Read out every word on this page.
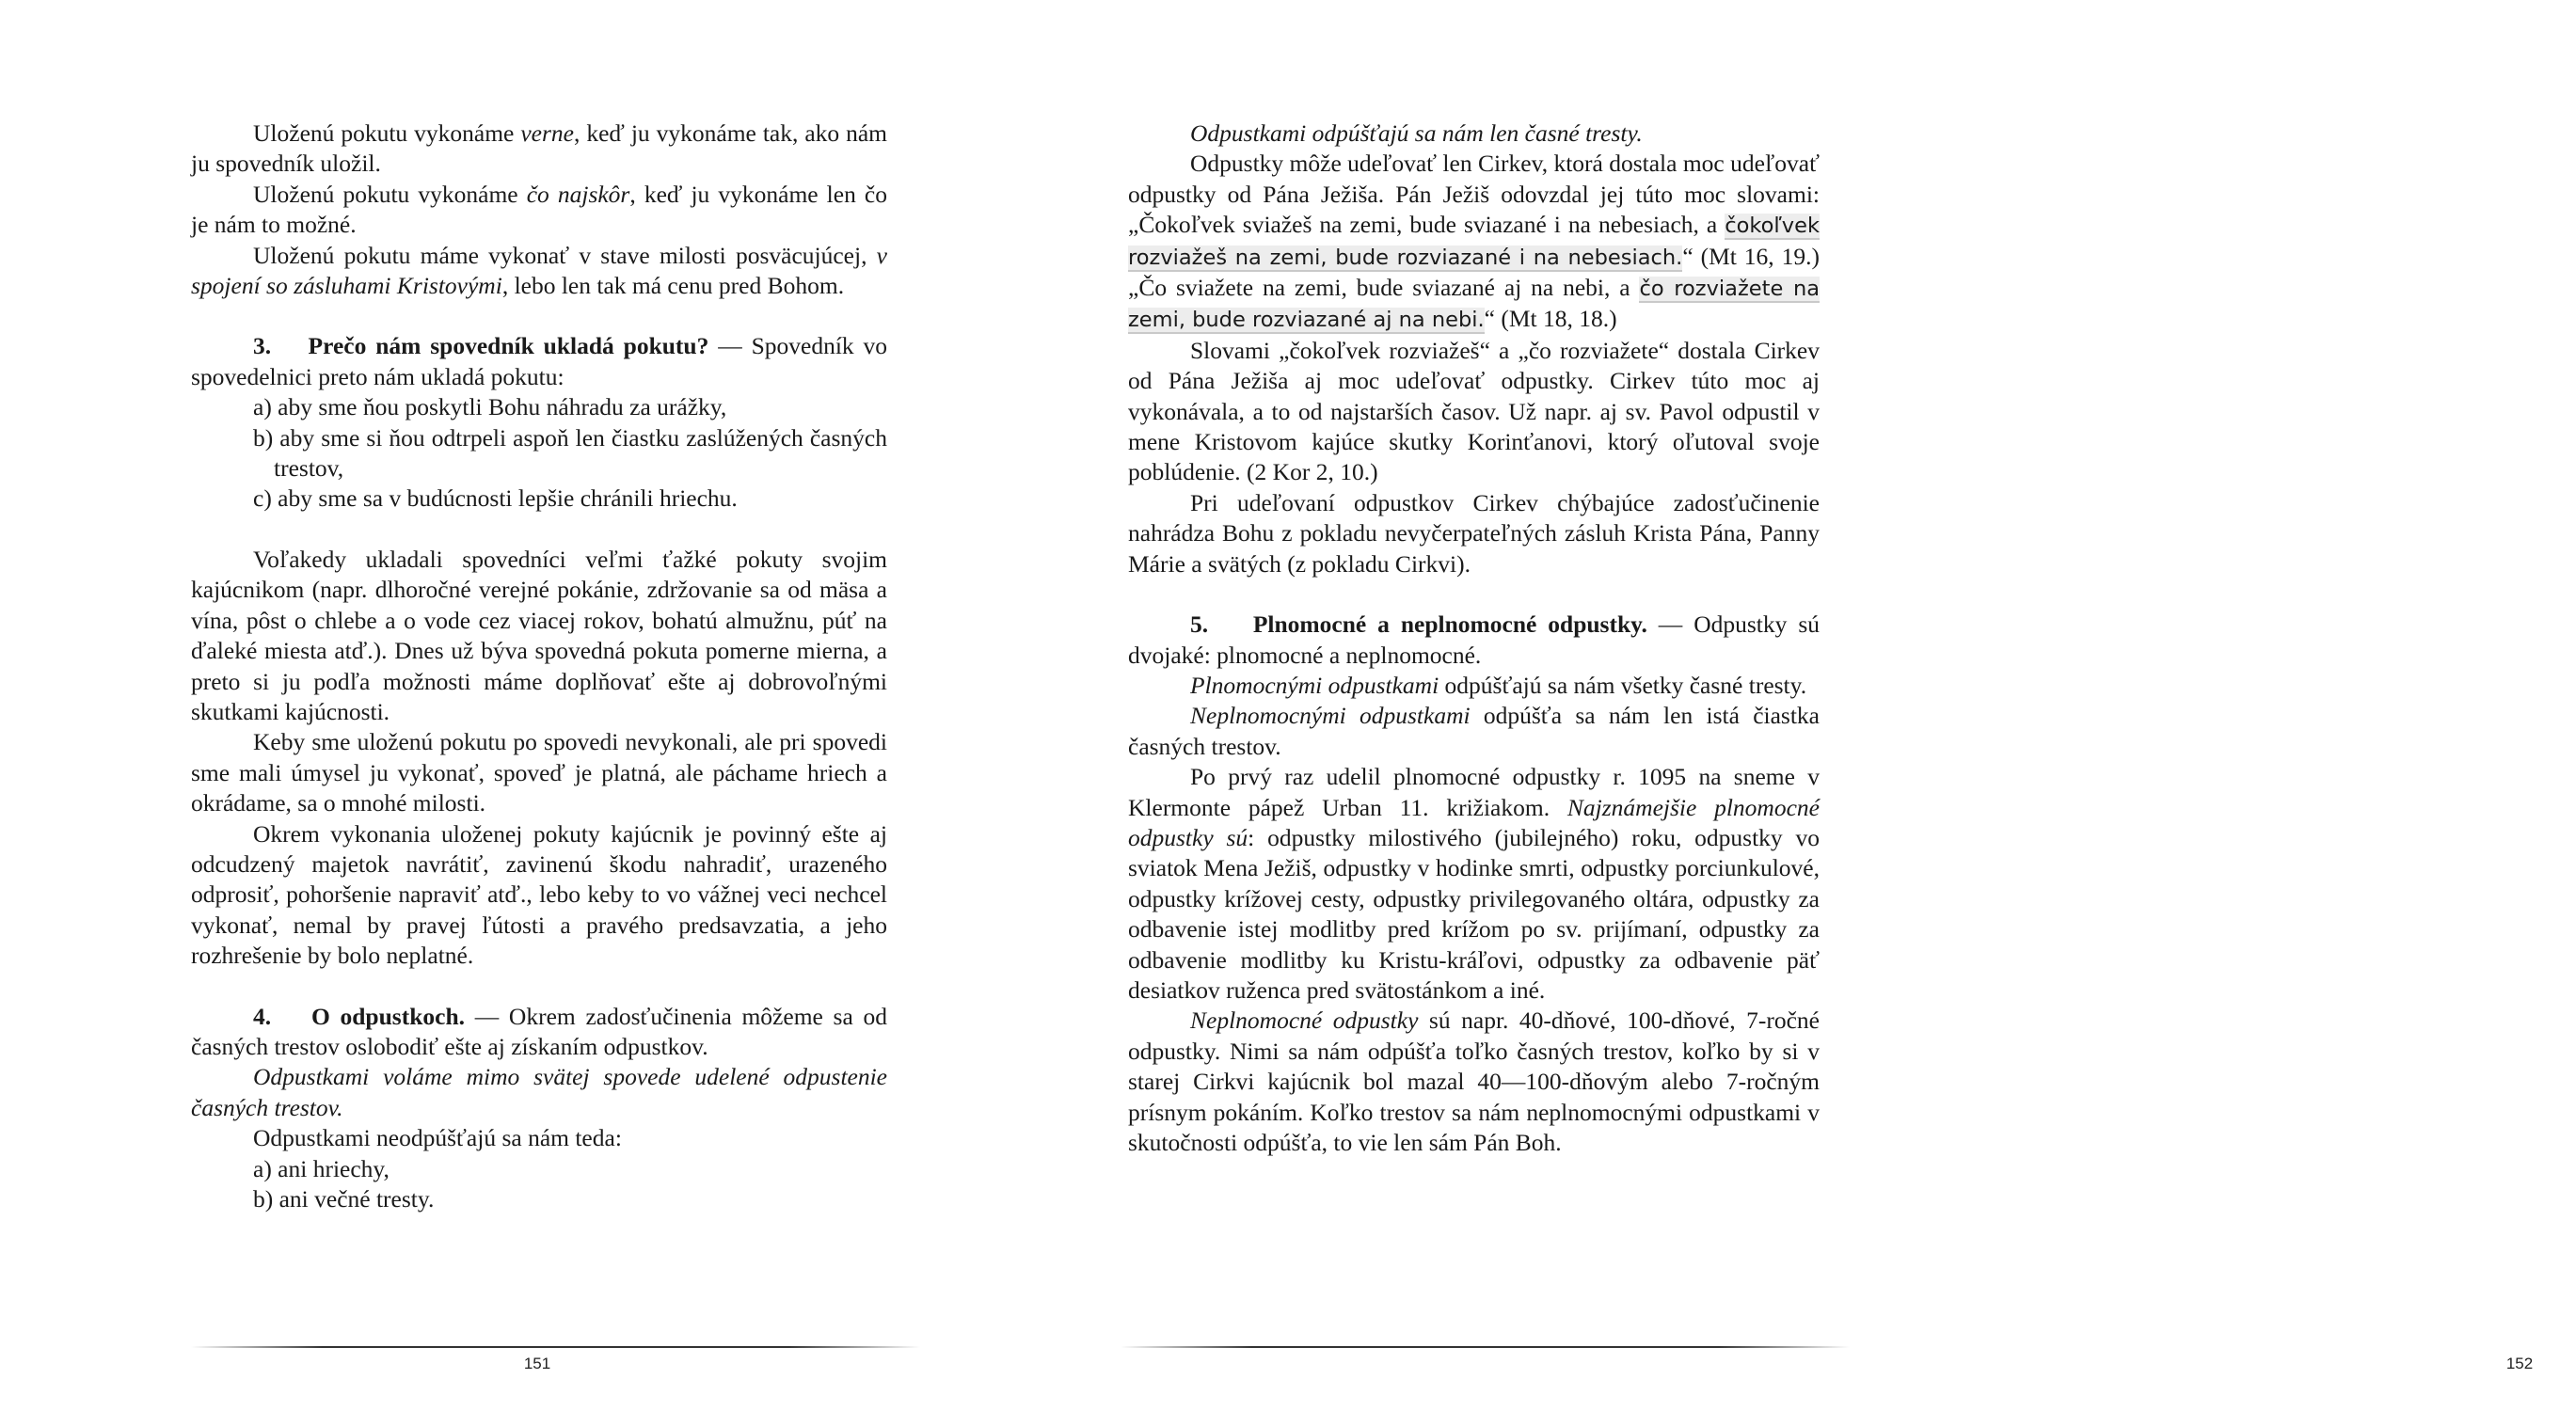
Uloženú pokutu vykonáme verne, keď ju vykonáme tak, ako nám ju spovedník uložil.

Uloženú pokutu vykonáme čo najskôr, keď ju vykonáme len čo je nám to možné.

Uloženú pokutu máme vykonať v stave milosti posväcujúcej, v spojení so zásluhami Kristovými, lebo len tak má cenu pred Bohom.

3. Prečo nám spovedník ukladá pokutu? — Spovedník vo spovedelnici preto nám ukladá pokutu:

a) aby sme ňou poskytli Bohu náhradu za urážky,

b) aby sme si ňou odtrpeli aspoň len čiastku zaslúžených časných trestov,

c) aby sme sa v budúcnosti lepšie chránili hriechu.

Voľakedy ukladali spovedníci veľmi ťažké pokuty svojim kajúcnikom (napr. dlhoročné verejné pokánie, zdržovanie sa od mäsa a vína, pôst o chlebe a o vode cez viacej rokov, bohatú almužnu, púť na ďaleké miesta atď.). Dnes už býva spovedná pokuta pomerne mierna, a preto si ju podľa možnosti máme doplňovať ešte aj dobrovoľnými skutkami kajúcnosti.

Keby sme uloženú pokutu po spovedi nevykonali, ale pri spovedi sme mali úmysel ju vykonať, spoveď je platná, ale páchame hriech a okrádame, sa o mnohé milosti.

Okrem vykonania uloženej pokuty kajúcnik je povinný ešte aj odcudzený majetok navrátiť, zavinenú škodu nahradiť, urazeného odprosiť, pohoršenie napraviť atď., lebo keby to vo vážnej veci nechcel vykonať, nemal by pravej ľútosti a pravého predsavzatia, a jeho rozhrešenie by bolo neplatné.

4. O odpustkoch. — Okrem zadosťučinenia môžeme sa od časných trestov oslobodiť ešte aj získaním odpustkov.

Odpustkami voláme mimo svätej spovede udelené odpustenie časných trestov.

Odpustkami neodpúšťajú sa nám teda:

a) ani hriechy,

b) ani večné tresty.

151

Odpustkami odpúšťajú sa nám len časné tresty.

Odpustky môže udeľovať len Cirkev, ktorá dostala moc udeľovať odpustky od Pána Ježiša. Pán Ježiš odovzdal jej túto moc slovami: „Čokoľvek sviažeš na zemi, bude sviazané i na nebesiach, a čokoľvek rozviažeš na zemi, bude rozviazané i na nebesiach.“ (Mt 16, 19.) „Čo sviažete na zemi, bude sviazané aj na nebi, a čo rozviažete na zemi, bude rozviazané aj na nebi.“ (Mt 18, 18.)

Slovami „čokoľvek rozviažeš“ a „čo rozviažete“ dostala Cirkev od Pána Ježiša aj moc udeľovať odpustky. Cirkev túto moc aj vykonávala, a to od najstarších časov. Už napr. aj sv. Pavol odpustil v mene Kristovom kajúce skutky Korinťanovi, ktorý oľutoval svoje poblúdenie. (2 Kor 2, 10.)

Pri udeľovaní odpustkov Cirkev chýbajúce zadosťučinenie nahrádza Bohu z pokladu nevyčerpateľných zásluh Krista Pána, Panny Márie a svätých (z pokladu Cirkvi).

5. Plnomocné a neplnomocné odpustky. — Odpustky sú dvojaké: plnomocné a neplnomocné.

Plnomocnými odpustkami odpúšťajú sa nám všetky časné tresty.

Neplnomocnými odpustkami odpúšťa sa nám len istá čiastka časných trestov.

Po prvý raz udelil plnomocné odpustky r. 1095 na sneme v Klermonte pápež Urban 11. križiakom. Najznámejšie plnomocné odpustky sú: odpustky milostivého (jubilejného) roku, odpustky vo sviatok Mena Ježiš, odpustky v hodinke smrti, odpustky porciunkulové, odpustky krížovej cesty, odpustky privilegovaného oltára, odpustky za odbavenie istej modlitby pred krížom po sv. prijímaní, odpustky za odbavenie modlitby ku Kristu-kráľovi, odpustky za odbavenie päť desiatkov ruženca pred svätostánkom a iné.

Neplnomocné odpustky sú napr. 40-dňové, 100-dňové, 7-ročné odpustky. Nimi sa nám odpúšťa toľko časných trestov, koľko by si v starej Cirkvi kajúcnik bol mazal 40—100-dňovým alebo 7-ročným prísnym pokáním. Koľko trestov sa nám neplnomocnými odpustkami v skutočnosti odpúšťa, to vie len sám Pán Boh.

152
